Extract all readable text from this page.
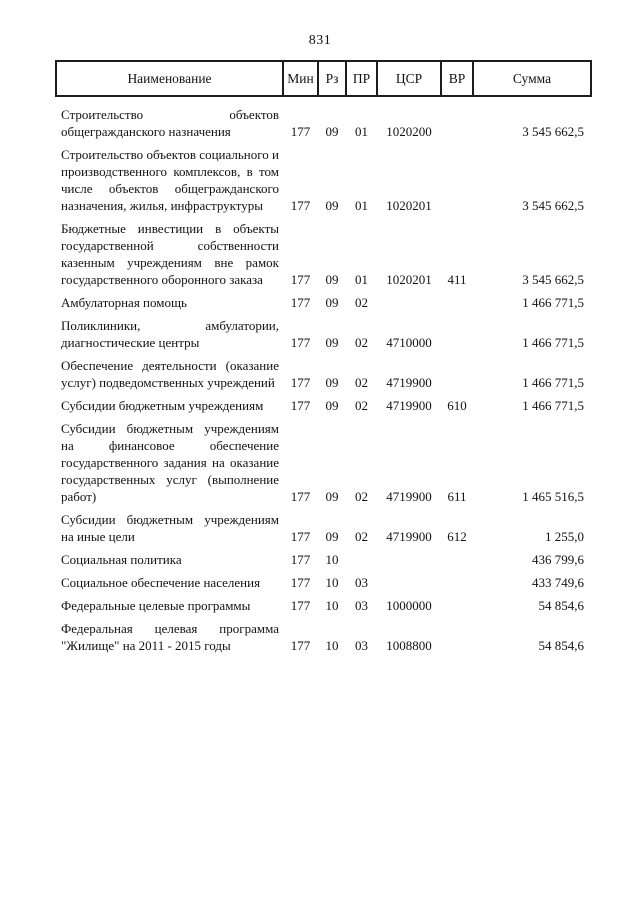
831
Наименование	Мин	Рз	ПР	ЦСР	ВР	Сумма
Строительство объектов общегражданского назначения	177	09	01	1020200		3 545 662,5
Строительство объектов социального и производственного комплексов, в том числе объектов общегражданского назначения, жилья, инфраструктуры	177	09	01	1020201		3 545 662,5
Бюджетные инвестиции в объекты государственной собственности казенным учреждениям вне рамок государственного оборонного заказа	177	09	01	1020201	411	3 545 662,5
Амбулаторная помощь	177	09	02			1 466 771,5
Поликлиники, амбулатории, диагностические центры	177	09	02	4710000		1 466 771,5
Обеспечение деятельности (оказание услуг) подведомственных учреждений	177	09	02	4719900		1 466 771,5
Субсидии бюджетным учреждениям	177	09	02	4719900	610	1 466 771,5
Субсидии бюджетным учреждениям на финансовое обеспечение государственного задания на оказание государственных услуг (выполнение работ)	177	09	02	4719900	611	1 465 516,5
Субсидии бюджетным учреждениям на иные цели	177	09	02	4719900	612	1 255,0
Социальная политика	177	10				436 799,6
Социальное обеспечение населения	177	10	03			433 749,6
Федеральные целевые программы	177	10	03	1000000		54 854,6
Федеральная целевая программа "Жилище" на 2011 - 2015 годы	177	10	03	1008800		54 854,6
